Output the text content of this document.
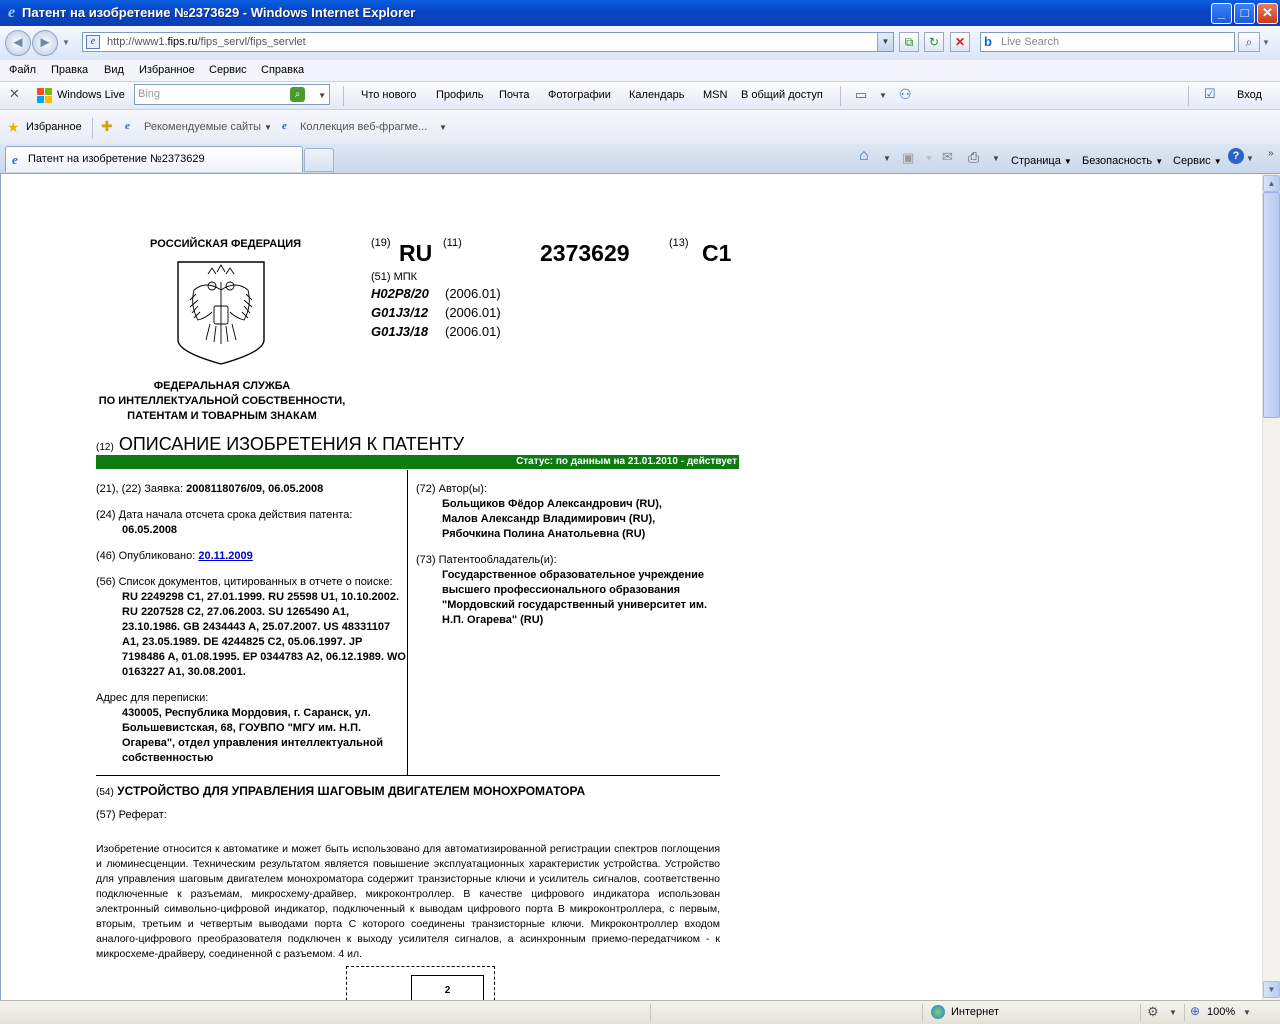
e Патент на изобретение №2373629 - Windows Internet Explorer	_	□	✕
◄ ►	▼	e	http://www1.fips.ru/fips_servl/fips_servlet	▼	⧉	↻	✕	b Live Search	⌕	▼
Файл Правка Вид Избранное Сервис Справка
✕	Windows Live	Bing	⌕	▼	Что нового Профиль Почта Фотографии Календарь MSN В общий доступ ▭ ▼ ⚇	☑ Вход
★ Избранное ✚ e Рекомендуемые сайты ▼ e Коллекция веб-фрагме... ▼
e Патент на изобретение №2373629	⌂ ▼ ▣ ▼ ✉ ⎙ ▼ Страница ▼ Безопасность ▼ Сервис ▼ ? ▼ »
РОССИЙСКАЯ ФЕДЕРАЦИЯ
ФЕДЕРАЛЬНАЯ СЛУЖБА
ПО ИНТЕЛЛЕКТУАЛЬНОЙ СОБСТВЕННОСТИ,
ПАТЕНТАМ И ТОВАРНЫМ ЗНАКАМ
(19) RU (11)	2373629	(13) C1
(51) МПК
H02P8/20 (2006.01)
G01J3/12 (2006.01)
G01J3/18 (2006.01)
(12) ОПИСАНИЕ ИЗОБРЕТЕНИЯ К ПАТЕНТУ
Статус: по данным на 21.01.2010 - действует
(21), (22) Заявка: 2008118076/09, 06.05.2008
(24) Дата начала отсчета срока действия патента:
06.05.2008
(46) Опубликовано: 20.11.2009
(56) Список документов, цитированных в отчете о поиске: RU 2249298 C1, 27.01.1999. RU 25598 U1, 10.10.2002. RU 2207528 C2, 27.06.2003. SU 1265490 A1, 23.10.1986. GB 2434443 A, 25.07.2007. US 48331107 A1, 23.05.1989. DE 4244825 C2, 05.06.1997. JP 7198486 A, 01.08.1995. EP 0344783 A2, 06.12.1989. WO 0163227 A1, 30.08.2001.
Адрес для переписки:
430005, Республика Мордовия, г. Саранск, ул. Большевистская, 68, ГОУВПО "МГУ им. Н.П. Огарева", отдел управления интеллектуальной собственностью
(72) Автор(ы):
Больщиков Фёдор Александрович (RU),
Малов Александр Владимирович (RU),
Рябочкина Полина Анатольевна (RU)
(73) Патентообладатель(и):
Государственное образовательное учреждение высшего профессионального образования "Мордовский государственный университет им. Н.П. Огарева" (RU)
(54) УСТРОЙСТВО ДЛЯ УПРАВЛЕНИЯ ШАГОВЫМ ДВИГАТЕЛЕМ МОНОХРОМАТОРА
(57) Реферат:
Изобретение относится к автоматике и может быть использовано для автоматизированной регистрации спектров поглощения и люминесценции. Техническим результатом является повышение эксплуатационных характеристик устройства. Устройство для управления шаговым двигателем монохроматора содержит транзисторные ключи и усилитель сигналов, соответственно подключенные к разъемам, микросхему-драйвер, микроконтроллер. В качестве цифрового индикатора использован электронный символьно-цифровой индикатор, подключенный к выводам цифрового порта В микроконтроллера, с первым, вторым, третьим и четвертым выводами порта С которого соединены транзисторные ключи. Микроконтроллер входом аналого-цифрового преобразователя подключен к выходу усилителя сигналов, а асинхронным приемо-передатчиком - к микросхеме-драйверу, соединенной с разъемом. 4 ил.
2
▲
▼
Интернет	⚙ ▼ ⊕ 100% ▼
